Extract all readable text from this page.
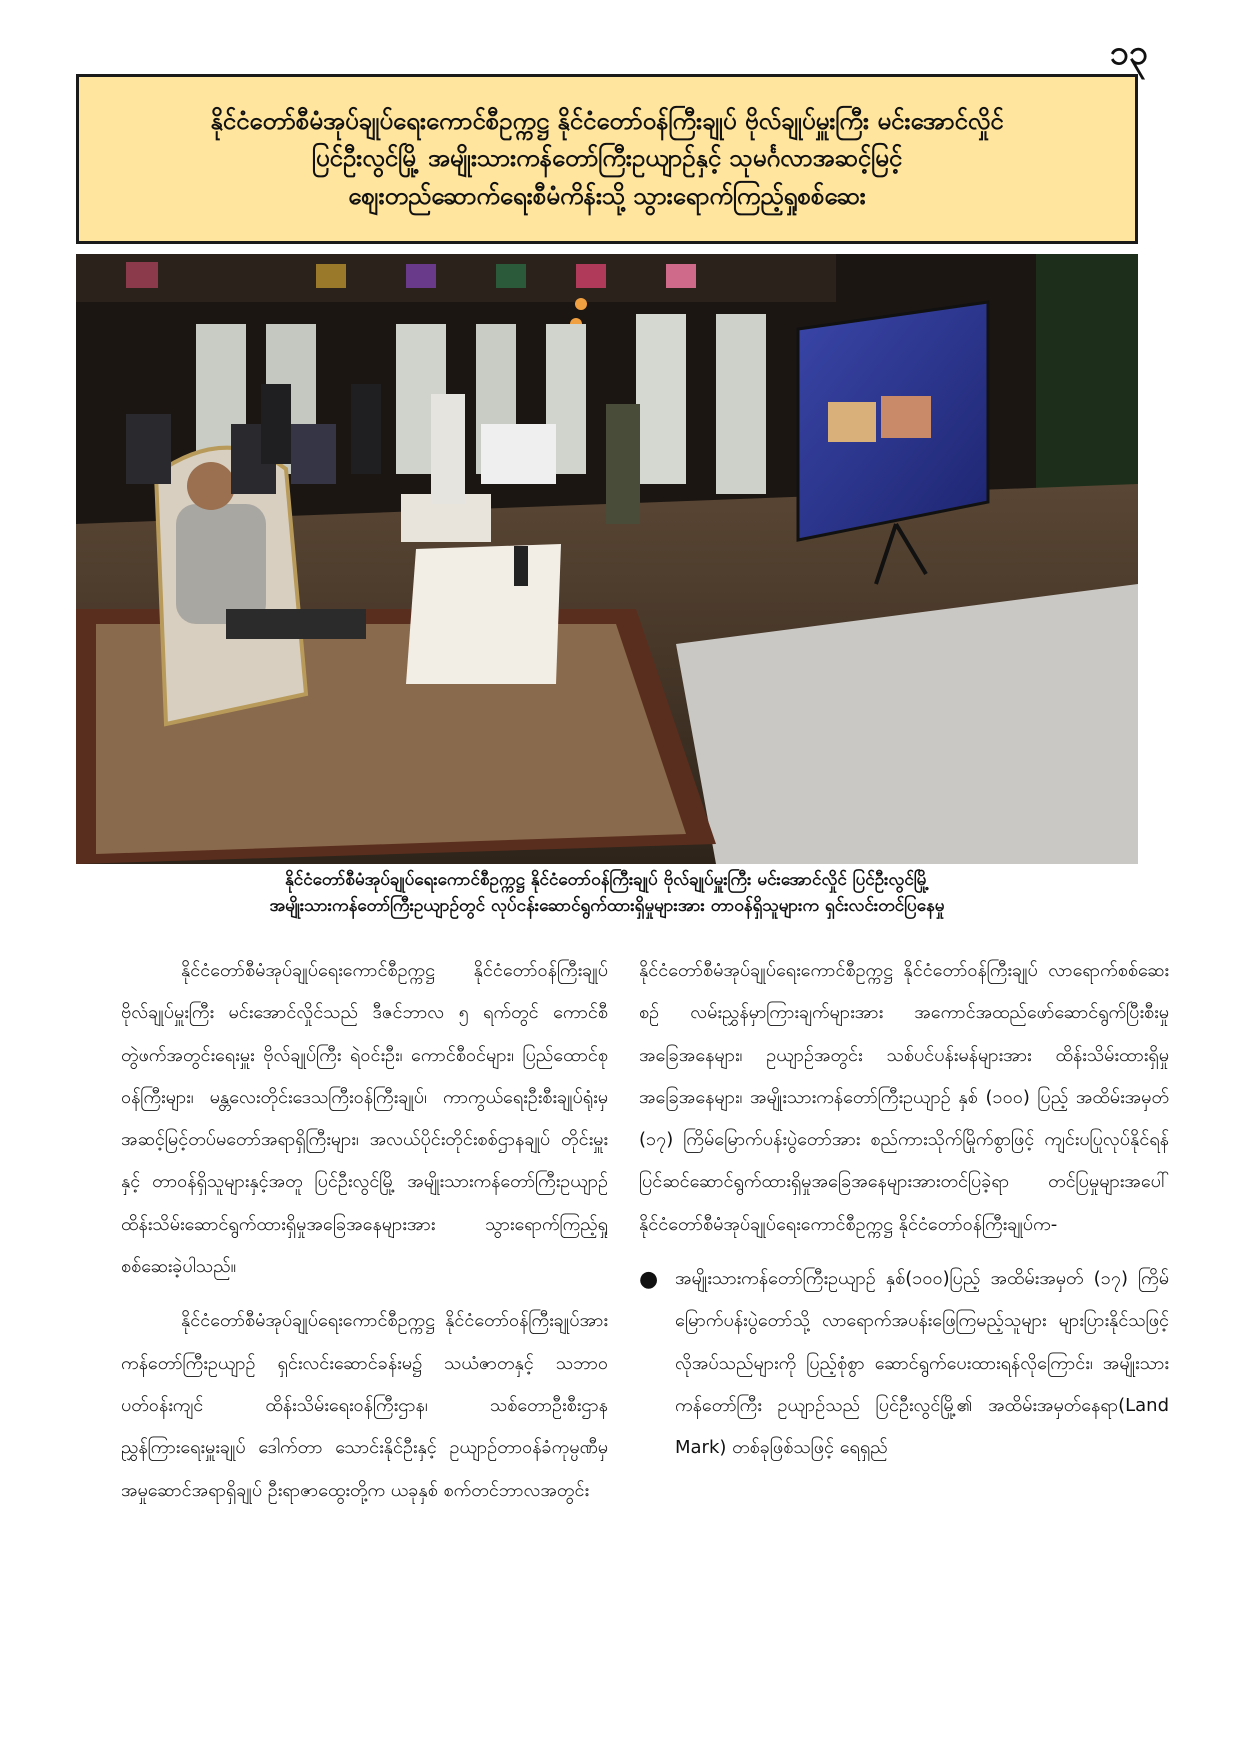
၁၃
နိုင်ငံတော်စီမံအုပ်ချုပ်ရေးကောင်စီဥက္ကဋ္ဌ နိုင်ငံတော်ဝန်ကြီးချုပ် ဗိုလ်ချုပ်မှူးကြီး မင်းအောင်လှိုင်
ပြင်ဦးလွင်မြို့ အမျိုးသားကန်တော်ကြီးဥယျာဉ်နှင့် သုမင်္ဂလာအဆင့်မြင့်
စျေးတည်ဆောက်ရေးစီမံကိန်းသို့ သွားရောက်ကြည့်ရှုစစ်ဆေး
နိုင်ငံတော်စီမံအုပ်ချုပ်ရေးကောင်စီဥက္ကဋ္ဌ နိုင်ငံတော်ဝန်ကြီးချုပ် ဗိုလ်ချုပ်မှူးကြီး မင်းအောင်လှိုင် ပြင်ဦးလွင်မြို့
အမျိုးသားကန်တော်ကြီးဥယျာဉ်တွင် လုပ်ငန်းဆောင်ရွက်ထားရှိမှုများအား တာဝန်ရှိသူများက ရှင်းလင်းတင်ပြနေမှု

နိုင်ငံတော်စီမံအုပ်ချုပ်ရေးကောင်စီဥက္ကဋ္ဌ နိုင်ငံတော်ဝန်ကြီးချုပ် ဗိုလ်ချုပ်မှူးကြီး မင်းအောင်လှိုင်သည် ဒီဇင်ဘာလ ၅ ရက်တွင် ကောင်စီတွဲဖက်အတွင်းရေးမှူး ဗိုလ်ချုပ်ကြီး ရဲဝင်းဦး၊ ကောင်စီဝင်များ၊ ပြည်ထောင်စုဝန်ကြီးများ၊ မန္တလေးတိုင်းဒေသကြီးဝန်ကြီးချုပ်၊ ကာကွယ်ရေးဦးစီးချုပ်ရုံးမှ အဆင့်မြင့်တပ်မတော်အရာရှိကြီးများ၊ အလယ်ပိုင်းတိုင်းစစ်ဌာနချုပ် တိုင်းမှူးနှင့် တာဝန်ရှိသူများနှင့်အတူ ပြင်ဦးလွင်မြို့ အမျိုးသားကန်တော်ကြီးဥယျာဉ် ထိန်းသိမ်းဆောင်ရွက်ထားရှိမှုအခြေအနေများအား သွားရောက်ကြည့်ရှုစစ်ဆေးခဲ့ပါသည်။

နိုင်ငံတော်စီမံအုပ်ချုပ်ရေးကောင်စီဥက္ကဋ္ဌ နိုင်ငံတော်ဝန်ကြီးချုပ်အား ကန်တော်ကြီးဥယျာဉ် ရှင်းလင်းဆောင်ခန်းမ၌ သယံဇာတနှင့် သဘာဝပတ်ဝန်းကျင် ထိန်းသိမ်းရေးဝန်ကြီးဌာန၊ သစ်တောဦးစီးဌာန ညွှန်ကြားရေးမှူးချုပ် ဒေါက်တာ သောင်းနိုင်ဦးနှင့် ဥယျာဉ်တာဝန်ခံကုမ္ပဏီမှ အမှုဆောင်အရာရှိချုပ် ဦးရာဇာထွေးတို့က ယခုနှစ် စက်တင်ဘာလအတွင်း

နိုင်ငံတော်စီမံအုပ်ချုပ်ရေးကောင်စီဥက္ကဋ္ဌ နိုင်ငံတော်ဝန်ကြီးချုပ် လာရောက်စစ်ဆေးစဉ် လမ်းညွှန်မှာကြားချက်များအား အကောင်အထည်ဖော်ဆောင်ရွက်ပြီးစီးမှုအခြေအနေများ၊ ဥယျာဉ်အတွင်း သစ်ပင်ပန်းမန်များအား ထိန်းသိမ်းထားရှိမှုအခြေအနေများ၊ အမျိုးသားကန်တော်ကြီးဥယျာဉ် နှစ် (၁၀၀) ပြည့် အထိမ်းအမှတ် (၁၇) ကြိမ်မြောက်ပန်းပွဲတော်အား စည်ကားသိုက်မြိုက်စွာဖြင့် ကျင်းပပြုလုပ်နိုင်ရန် ပြင်ဆင်ဆောင်ရွက်ထားရှိမှုအခြေအနေများအားတင်ပြခဲ့ရာ တင်ပြမှုများအပေါ် နိုင်ငံတော်စီမံအုပ်ချုပ်ရေးကောင်စီဥက္ကဋ္ဌ နိုင်ငံတော်ဝန်ကြီးချုပ်က-

● အမျိုးသားကန်တော်ကြီးဥယျာဉ် နှစ်(၁၀၀)ပြည့် အထိမ်းအမှတ် (၁၇) ကြိမ်မြောက်ပန်းပွဲတော်သို့ လာရောက်အပန်းဖြေကြမည့်သူများ များပြားနိုင်သဖြင့် လိုအပ်သည်များကို ပြည့်စုံစွာ ဆောင်ရွက်ပေးထားရန်လိုကြောင်း၊ အမျိုးသားကန်တော်ကြီး ဥယျာဉ်သည် ပြင်ဦးလွင်မြို့၏ အထိမ်းအမှတ်နေရာ(Land Mark) တစ်ခုဖြစ်သဖြင့် ရေရှည်
